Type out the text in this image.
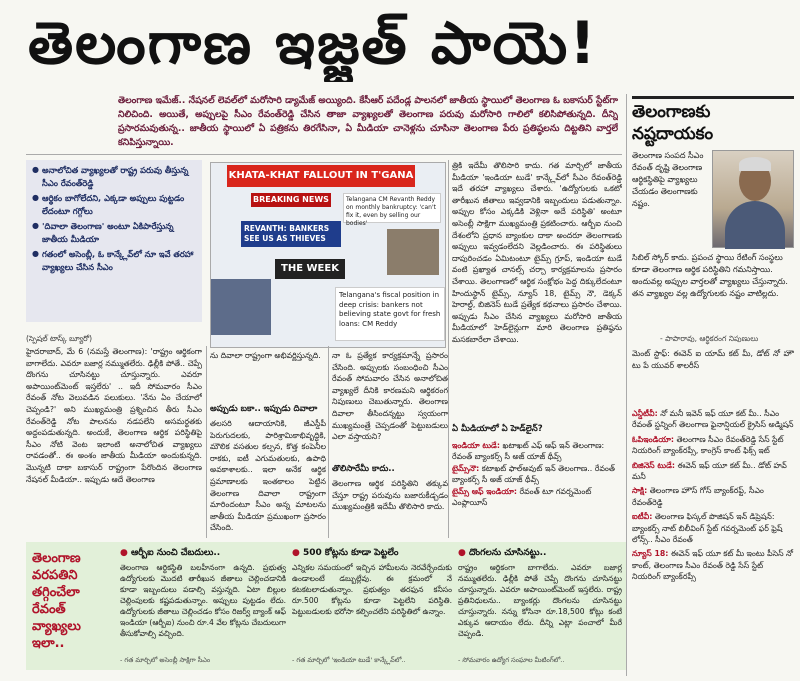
తెలంగాణ ఇజ్జత్ పాయె!
తెలంగాణ ఇమేజ్.. నేషనల్ లెవల్‌లో మరోసారి డ్యామేజ్ అయ్యింది. కేసీఆర్ పదేండ్ల పాలనలో జాతీయ స్థాయిలో తెలంగాణ ఓ బకాసుర్ స్టేట్‌గా నిలిచింది. అయితే, అప్పులపై సీఎం రేవంత్‌రెడ్డి చేసిన తాజా వ్యాఖ్యలతో తెలంగాణ పరువు మరోసారి గాలిలో కలిసిపోతున్నది. దీన్ని ప్రసారమవుతున్న.. జాతీయ స్థాయిలో ఏ పత్రికను తిరగేసినా, ఏ మీడియా చానెళ్లను చూసినా తెలంగాణ పేరు ప్రతిష్ఠలను దిట్టతిని వార్తలే కనిపిస్తున్నాయి.
తెలంగాణకు నష్టదాయకం
తెలంగాణ సంపద సీఎం రేవంత్ దృష్టి తెలంగాణ ఆర్థికస్థితిపై వ్యాఖ్యలు చేయడం తెలంగాణకు నష్టం.
సిబిల్ స్కోర్ కాదు. ప్రపంచ స్థాయి రేటింగ్ సంస్థలు కూడా తెలంగాణ ఆర్థిక పరిస్థితిని గమనిస్తాయి. అందువల్ల అప్పుల వార్తలతో వ్యాఖ్యలు చేస్తున్నారు. తన వ్యాఖ్యల వల్ల ఉద్యోగులకు నష్టం వాటిల్లదు.
- పాపారావు, ఆర్థికరంగ నిపుణులు
● అనాలోచిత వ్యాఖ్యలతో రాష్ట్ర పరువు తీస్తున్న సీఎం రేవంత్‌రెడ్డి
● ఆర్థికం బాగోలేదని, ఎక్కడా అప్పులు పుట్టడం లేదంటూ గగ్గోలు
● 'దివాలా తెలంగాణ' అంటూ ఏకిపారేస్తున్న జాతీయ మీడియా
● గతంలో అసెంబ్లీ, ఓ కాన్క్లేవ్‌లో నూ ఇవే తరహా వ్యాఖ్యలు చేసిన సీఎం
KHATA-KHAT FALLOUT IN T'GANA
BREAKING NEWS	Telangana CM Revanth Reddy on monthly bankruptcy: 'can't fix it, even by selling our bodies'
REVANTH: BANKERS SEE US AS THIEVES
THE WEEK
Telangana's fiscal position in deep crisis: bankers not believing state govt for fresh loans: CM Reddy
(స్పెషల్ టాస్క్ బ్యూరో)
హైదరాబాద్, మే 6 (నమస్తే తెలంగాణ): 'రాష్ట్రం ఆర్థికంగా బాగాలేదు. ఎవరూ బజార్ల నమ్ముతలేరు. ఢిల్లీకి పోతే.. చెప్పే దొంగను చూసినట్టు చూస్తున్నారు. ఎవరూ అపాయింట్‌మెంట్ ఇస్తలేరు' .. ఇదీ సోమవారం సీఎం రేవంత్ నోట వెలువడిన పలుకులు. 'నేను ఏం చేయాలో చెప్పండి?' అని ముఖ్యమంత్రి ప్రశ్నించిన తీరు సీఎం రేవంత్‌రెడ్డి నోట పాలనను నడపలేని అసమర్థతకు అద్దంపడుతున్నది. అందుకే, తెలంగాణ ఆర్థిక పరిస్థితిపై సీఎం నోటి వెంట ఇలాంటి అనాలోచిత వ్యాఖ్యలు రావడంతో.. ఈ అంశం జాతీయ మీడియా అందుకున్నది. మొన్నటి దాకా బకాసుర్ రాష్ట్రంగా పేరొందిన తెలంగాణ నేషనల్ మీడియా.. ఇప్పుడు ఆదే తెలంగాణ
ను దివాలా రాష్ట్రంగా అభివర్ణిస్తున్నది.
అప్పుడు బకా.. ఇప్పుడు దివాలా
తలసరి ఆదాయానికి, జీఎస్డీపీ పెరుగుదలకు, పారిశ్రామికాభివృద్ధికి, మౌలిక వసతుల కల్పన, కొత్త కంపెనీల రాకకు, ఐటీ ఎగుమతులకు, ఉపాధి అవకాశాలకు.. ఇలా అనేక ఆర్థిక ప్రమాణాలకు ఇంతకాలం పెట్టిన తెలంగాణ దివాలా రాష్ట్రంగా మారిందంటూ సీఎం అన్న మాటలను జాతీయ మీడియా ప్రముఖంగా ప్రసారం చేసింది.
నా ఓ ప్రత్యేక కార్యక్రమాన్నే ప్రసారం చేసింది. అప్పులకు సంబంధించి సీఎం రేవంత్ సోమవారం చేసిన అనాలోచిత వ్యాఖ్యలే దీనికి కారణమని ఆర్థికరంగ నిపుణులు చెబుతున్నారు. తెలంగాణ దివాలా తీసిందన్నట్టు స్వయంగా ముఖ్యమంత్రే చెప్పడంతో పెట్టుబడులు ఎలా వస్తాయని?
తొలిసారేమీ కాదు..
తెలంగాణ ఆర్థిక పరిస్థితిని తక్కువ చేస్తూ రాష్ట్ర పరువును బజారుకీడ్చడం ముఖ్యమంత్రికి ఇదేమీ తొలిసారి కాదు.
త్రికి ఇదేమీ తొలిసారి కాదు. గత మార్చిలో జాతీయ మీడియా 'ఇండియా టుడే' కాన్క్లేవ్‌లో సీఎం రేవంత్‌రెడ్డి ఇదే తరహా వ్యాఖ్యలు చేశారు. 'ఉద్యోగులకు ఒకటో తారీఖున జీతాలు ఇవ్వడానికి ఇబ్బందులు పడుతున్నాం. అప్పుల కోసం ఎక్కడికి వెళ్లినా అదే పరిస్థితి' అంటూ అసెంబ్లీ సాక్షిగా ముఖ్యమంత్రి ప్రకటించారు. ఆర్బీఐ నుంచి దేశంలోని ప్రధాన బ్యాంకుల దాకా అందరూ తెలంగాణకు అప్పులు ఇవ్వడంలేదని వెల్లడించారు. ఈ పరిస్థితులు దాపురించడం ఏమిటంటూ టైమ్స్ గ్రూప్, ఇండియా టుడే వంటి ప్రఖ్యాత చానల్స్ చర్చా కార్యక్రమాలను ప్రసారం చేశాయి. తెలంగాణలో ఆర్థిక సంక్షోభం పెద్ద దిక్కులేదంటూ హిందుస్థాన్ టైమ్స్, న్యూస్ 18, టైమ్స్ నౌ, డెక్కన్ హెరాల్డ్, బిజినెస్ టుడే ప్రత్యేక కథనాలు ప్రసారం చేశాయి. అప్పుడు సీఎం చేసిన వ్యాఖ్యలు మరోసారి జాతీయ మీడియాలో హెడ్‌లైన్లుగా మారి తెలంగాణ ప్రతిష్ఠను మసకబారేలా చేశాయి.
ఏ మీడియాలో ఏ హెడ్‌లైన్?

ఇండియా టుడే: ఖటాఖట్ ఎఫ్ ఆఫ్ ఇన్ తెలంగాణ: రేవంత్ బ్యాంకర్స్ సీ అజ్ యాజ్ థీవ్స్

టైమ్స్‌నౌ: కటాఖట్ ఫాల్అవుట్ ఇన్ తెలంగాణ.. రేవంత్ బ్యాంకర్స్ సీ అజ్ యాజ్ థీవ్స్

టైమ్స్ ఆఫ్ ఇండియా: రేవంత్ టూ గవర్నమెంట్ ఎంప్లాయీస్

మెంట్ స్టాఫ్: ఈవెన్ ఐ యామ్ కట్ మీ, డోట్ నో హౌ టు పే యువర్ శాలరీస్

ఎన్డీటీవీ: నో మనీ ఇవెన్ ఇఫ్ యూ కట్ మీ.. సీఎం రేవంత్ స్టన్నింగ్ తెలంగాణ ఫైనాన్షియల్ క్రైసిస్ అడ్మిషన్

ఓపిఇండియా: తెలంగాణ సీఎం రేవంత్‌రెడ్డి సేస్ స్టేట్ నియరింగ్ బ్యాంక్‌రప్సీ, కాంగ్రెస్ కాంట్ ఫిక్స్ ఇట్

బిజినెస్ టుడే: ఈవెన్ ఇఫ్ యూ కట్ మీ.. డోట్ హవ్ మనీ

సాక్షి: తెలంగాణ హౌస్ గోస్ బ్యాంక్‌రప్ట్, సీఎం రేవంత్‌రెడ్డి

ఐటీవీ: తెలంగాణ ఫిస్కల్ పొజిషన్ ఇన్ డిప్రెషన్: బ్యాంకర్స్ నాట్ బిలీవింగ్ స్టేట్ గవర్నమెంట్ ఫర్ ఫ్రెష్ లోన్స్.. సీఎం రేవంత్

న్యూస్ 18: ఈవెన్ ఇఫ్ యూ కట్ మీ ఇంటు పీసెస్ నో కాంట్, తెలంగాణ సీఎం రేవంత్ రెడ్డి సేస్ స్టేట్ నియరింగ్ బ్యాంక్‌రప్సీ

తెలంగాణ వరపతిని తగ్గించేలా రేవంత్ వ్యాఖ్యలు ఇలా..
● ఆర్బీఐ నుంచి చేబదులు..

తెలంగాణ ఆర్థికస్థితి బలహీనంగా ఉన్నది. ప్రభుత్వ ఉద్యోగులకు మొదటి తారీఖున జీతాలు చెల్లించడానికి కూడా ఇబ్బందులు పడాల్సి వస్తున్నది. ఏటా బిల్లుల చెల్లింపులకు కష్టపడుతున్నాం. అప్పులు పుట్టడం లేదు. ఉద్యోగులకు జీతాలు చెల్లించడం కోసం రిజర్వ్ బ్యాంక్ ఆఫ్ ఇండియా (ఆర్బీఐ) నుంచి రూ.4 వేల కోట్లను చేబదులుగా తీసుకోవాల్సి వచ్చింది.

- గత మార్చిలో అసెంబ్లీ సాక్షిగా సీఎం
● 500 కోట్లను కూడా పెట్టలేం

ఎన్నికల సమయంలో ఇచ్చిన హామీలను నెరవేర్చేందుకు ఉండాలంటే డబ్బుల్లేవు. ఈ క్రమంలో నే కటకటలాడుతున్నాం. ప్రభుత్వం తరఫున కనీసం రూ.500 కోట్లను కూడా పెట్టలేని పరిస్థితి. పెట్టుబడులకు భరోసా కల్పించలేని పరిస్థితిలో ఉన్నాం.

- గత మార్చిలో 'ఇండియా టుడే' కాన్క్లేవ్‌లో..
● దొంగలను చూసినట్టు..

రాష్ట్రం ఆర్థికంగా బాగాలేదు. ఎవరూ బజార్ల నమ్ముతలేరు. ఢిల్లీకి పోతే చెప్పే దొంగను చూసినట్టు చూస్తున్నారు. ఎవరూ అపాయింట్‌మెంట్ ఇస్తలేరు. రాష్ట్ర ప్రతినిధులను.. బ్యాంకర్లు దొంగలను చూసినట్టు చూస్తున్నారు. నన్ను కోసినా రూ.18,500 కోట్లు కంటే ఎక్కువ ఆదాయం లేదు. దీన్ని ఎట్లా పంచాలో మీరే చెప్పండి.

- సోమవారం ఉద్యోగ సంఘాల మీటింగ్‌లో..
